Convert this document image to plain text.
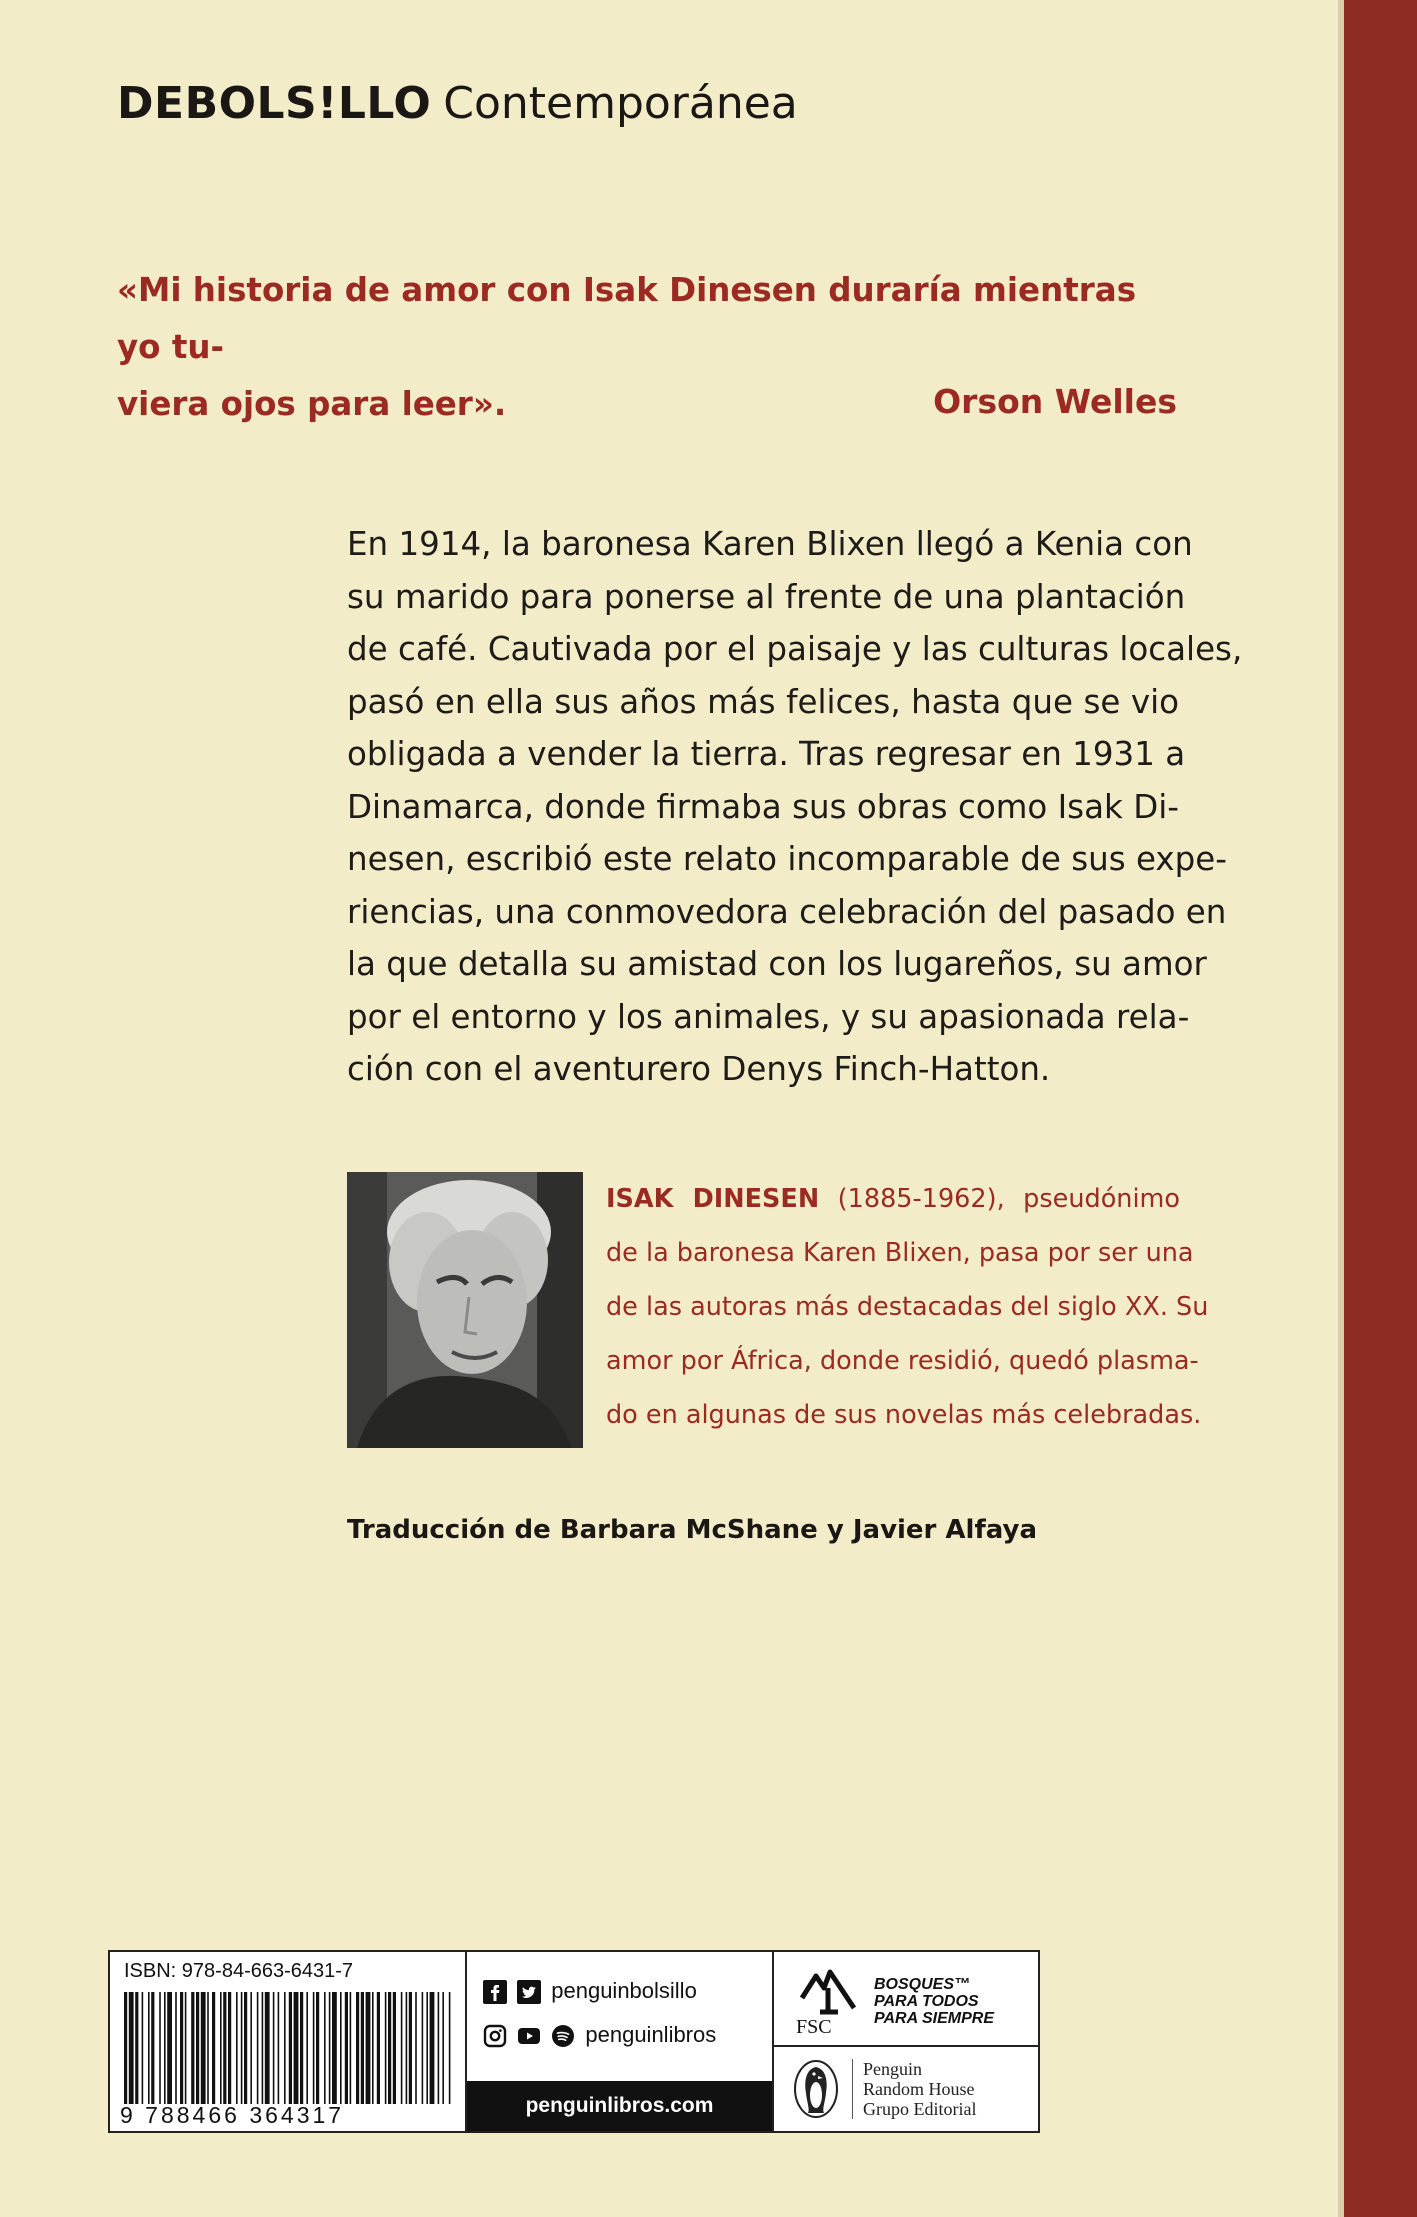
DEBOLS!LLO Contemporánea
«Mi historia de amor con Isak Dinesen duraría mientras yo tu-
viera ojos para leer».	Orson Welles
En 1914, la baronesa Karen Blixen llegó a Kenia con
su marido para ponerse al frente de una plantación
de café. Cautivada por el paisaje y las culturas locales,
pasó en ella sus años más felices, hasta que se vio
obligada a vender la tierra. Tras regresar en 1931 a
Dinamarca, donde firmaba sus obras como Isak Di-
nesen, escribió este relato incomparable de sus expe-
riencias, una conmovedora celebración del pasado en
la que detalla su amistad con los lugareños, su amor
por el entorno y los animales, y su apasionada rela-
ción con el aventurero Denys Finch-Hatton.
ISAK DINESEN (1885-1962), pseudónimo
de la baronesa Karen Blixen, pasa por ser una
de las autoras más destacadas del siglo XX. Su
amor por África, donde residió, quedó plasma-
do en algunas de sus novelas más celebradas.
Traducción de Barbara McShane y Javier Alfaya
ISBN: 978-84-663-6431-7
9 788466 364317
penguinbolsillo
penguinlibros
penguinlibros.com
FSC
BOSQUES™
PARA TODOS
PARA SIEMPRE
Penguin
Random House
Grupo Editorial
